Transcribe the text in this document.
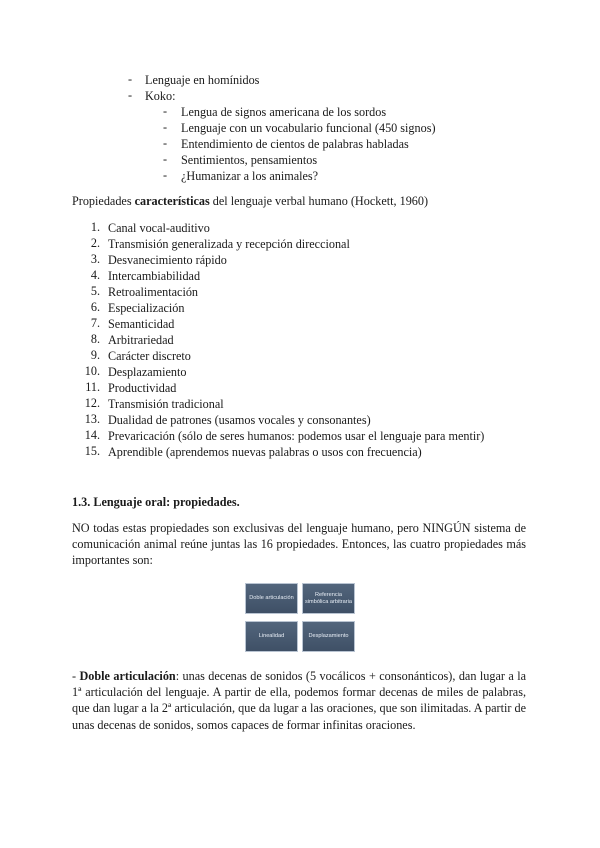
- Lenguaje en homínidos
- Koko:
- Lengua de signos americana de los sordos
- Lenguaje con un vocabulario funcional (450 signos)
- Entendimiento de cientos de palabras habladas
- Sentimientos, pensamientos
- ¿Humanizar a los animales?
Propiedades características del lenguaje verbal humano (Hockett, 1960)
1. Canal vocal-auditivo
2. Transmisión generalizada y recepción direccional
3. Desvanecimiento rápido
4. Intercambiabilidad
5. Retroalimentación
6. Especialización
7. Semanticidad
8. Arbitrariedad
9. Carácter discreto
10. Desplazamiento
11. Productividad
12. Transmisión tradicional
13. Dualidad de patrones (usamos vocales y consonantes)
14. Prevaricación (sólo de seres humanos: podemos usar el lenguaje para mentir)
15. Aprendible (aprendemos nuevas palabras o usos con frecuencia)
1.3. Lenguaje oral: propiedades.
NO todas estas propiedades son exclusivas del lenguaje humano, pero NINGÚN sistema de comunicación animal reúne juntas las 16 propiedades. Entonces, las cuatro propiedades más importantes son:
Doble articulación
Referencia simbólica arbitraria
Linealidad	Desplazamiento
- Doble articulación: unas decenas de sonidos (5 vocálicos + consonánticos), dan lugar a la 1ª articulación del lenguaje. A partir de ella, podemos formar decenas de miles de palabras, que dan lugar a la 2ª articulación, que da lugar a las oraciones, que son ilimitadas. A partir de unas decenas de sonidos, somos capaces de formar infinitas oraciones.
